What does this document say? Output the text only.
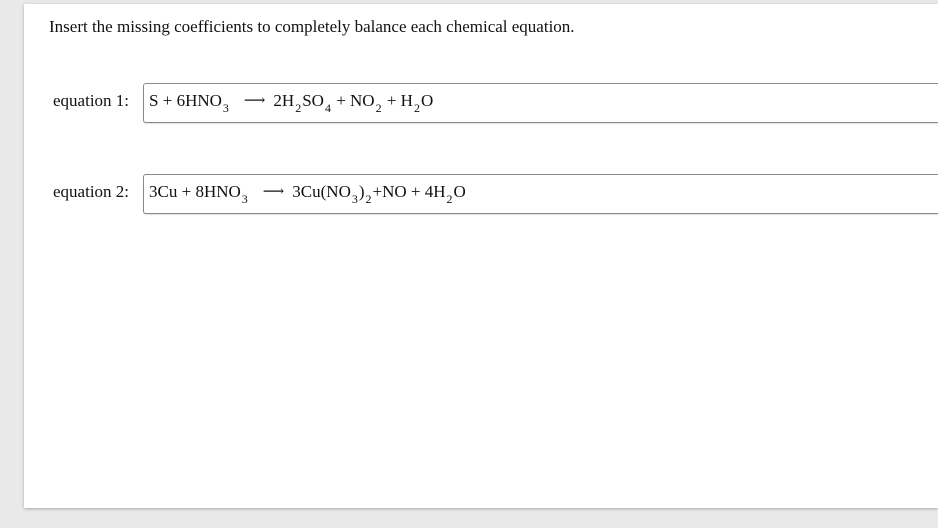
Insert the missing coefficients to completely balance each chemical equation.
equation 1: S + 6HNO3 ⟶ 2H2SO4 + NO2 + H2O
equation 2: 3Cu + 8HNO3 ⟶ 3Cu(NO3)2+NO + 4H2O
